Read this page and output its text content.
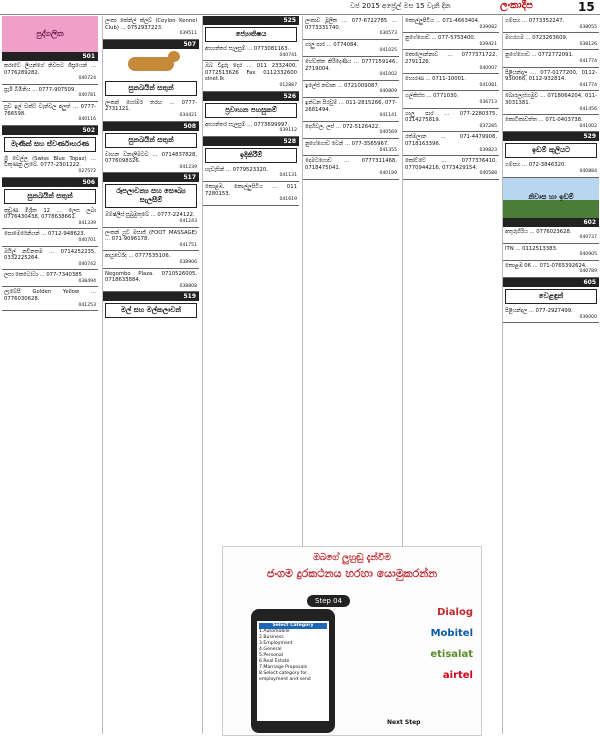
වජ 2015 අප්‍රේල් මස 15 වැනි දින	ලංකාදීප	15
පුද්ගලික
501
කරාටේ ලීයන්ගේ නිවසට ශීඝ්‍රයෙන් ... 0776289282.
040724
ප්‍රැමි බිමිනිය ... 0777-907509.
040781
සුව ඉල් ඩක්ට් වැන්වල අලුත් ... 0777-766598.
040116
502
මැණික් සහ ස්වර්ණාභරණ
ශ්‍රී වෙල්ල (Swiss Blue Topaz) ... විකුණනු ලැබේ. 0777-2301222.
027572
506
සුනඛයින් සතුන්
කුඩුණ මිශ්‍රිත 12 ... ලෙස ලබා 0776430438, 0778638661.
041339
පොමෙරේනියන් ... 0712-948623.
040701
ඔයිල් නවීනතම ... 0714252235, 0332225264.
040742
ලසා කෙටෝටා ... 077-7340385
038494
ලැබේසී Golden Yellow ... 0776030628.
041253
ලංකා කේන්ල් ක්ලබ් (Ceylon Kennel Club) ... 0752937223.
039511
507
සුනඛයින් සතුන්
ලංකන් හෝමර් තරඟ ... 0777-2731121.
034421
508
සුනඛයින් සතුන්
වාහන වනාලිමටව ... 0714837828, 0776098326.
041239
517
රූපලාවන්‍ය සහ සෞඛ්‍ය සැලසීම්
ඔම්ෂ්ලීස් සුඛුමුතුබේ ... 0777-224122.
041243
ලංකන් ෆුට් මසාජ් (FOOT MASSAGE) ... 071-9096178.
041751
ආයුර්වේද ... 0777535106.
038906
Negombo Plaza. 0710526005, 0718633884.
038808
519
මල් සහ මල්කලාවන්
525
ජ්‍යොතිෂය
අභ්‍යන්තර සැලසුම් ... 0773081163.
040741
ඔබ වීදුරු දොර ... 011 2332400, 0772513626 Fax 0112332600 slnet.lk
012887
526
ප්‍රවාහන පහසුකම්
අභ්‍යන්තර සැලසුම් ... 0773699997.
039112
528
ඉදිකිරීම්
හැඩැසින් ... 0779523320.
041131
කොළඹ, කොල්ලුපිටිය ... 011 7280153.
041619
ලංකාව මූලික ... 077-6722785 ... 0773331740.
030573
ගාලු පාර ... 0774084.
041025
හේවත්ත කිරිදෙණිය ... 0777159146, 2719004.
041002
ඉලේස් නවාක ... 0721009087.
040809
ඉන්ධන පිරවුම් ... 011-2815266, 077-2681494.
041141
දෙහිවල, ලස් ... 072-5126422.
040569
නුගේගොඩ වෙන් ... 077-3565967.
041355
දෙමටගොඩ ... 0777311468, 0718475041.
040199
කොල්ලුපිටිය ... 071-4663404.
039082
නුගේගොඩ ... 077-5753400.
039421
කොලොන්නාව ... 0777371722, 2791126.
040007
හොරණ ... 0711-10001.
041081
ගල්කිස්ස ... 0771030.
036713
ගාලු පාර ... 077-2280375, 0114275819.
037285
රත්මලාන ... 071-4479908, 0718163396.
039823
කෝට්ටේ ... 0777376410, 0770944216, 0773429154.
040588
ගම්පහ ... 0773352247.
038055
මහරගම ... 0723263609.
038126
නුගේගොඩ ... 0772772091.
041774
පිළියන්දල ... 077-0177200, 0112-930066, 0112-932814.
041774
බොරලැස්ගමුව ... 0718064204, 011-3031381.
041456
කොටිකාවත්ත ... 071-0403738.
041002
529
ඉඩම් කුලියට
ගම්පහ ... 072-3846320.
040884
නිවාස හා ඉඩම්
602
අතුරුගිරිය ... 0776023628.
040737
ITN ... 0112513383.
040905
කොළඹ 06 ... 071-0765392624.
040789
605
වෙළඳුන්
පිළියන්දල ... 077-2927499.
039000
ඔබගේ ලුහුඬු දැන්වීම
ජංගම දුරකථනය හරහා යොමුකරන්න
Step 04
Select Category
1.Automobile
2.Business
3.Employment
4.General
5.Personal
6.Real Estate
7.Marriage Proposals
8.Select category for employment and send
Dialog
Mobitel
etisalat
airtel
Next Step
